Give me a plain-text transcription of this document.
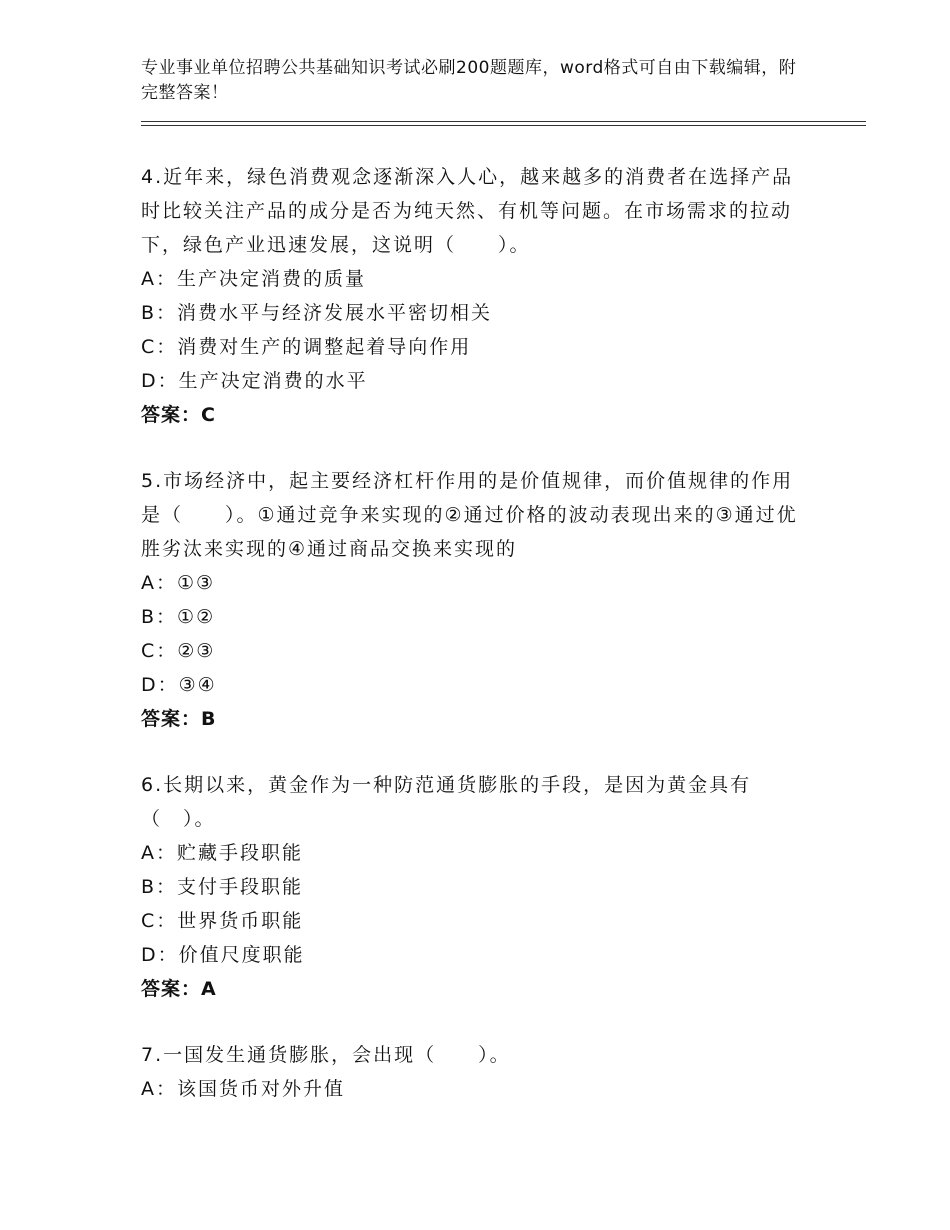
专业事业单位招聘公共基础知识考试必刷200题题库，word格式可自由下载编辑，附完整答案！

4.近年来，绿色消费观念逐渐深入人心，越来越多的消费者在选择产品时比较关注产品的成分是否为纯天然、有机等问题。在市场需求的拉动下，绿色产业迅速发展，这说明（　　）。

A：生产决定消费的质量

B：消费水平与经济发展水平密切相关

C：消费对生产的调整起着导向作用

D：生产决定消费的水平

答案：C

5.市场经济中，起主要经济杠杆作用的是价值规律，而价值规律的作用是（　　）。①通过竞争来实现的②通过价格的波动表现出来的③通过优胜劣汰来实现的④通过商品交换来实现的

A：①③

B：①②

C：②③

D：③④

答案：B

6.长期以来，黄金作为一种防范通货膨胀的手段，是因为黄金具有（　）。

A：贮藏手段职能

B：支付手段职能

C：世界货币职能

D：价值尺度职能

答案：A

7.一国发生通货膨胀，会出现（　　）。

A：该国货币对外升值
